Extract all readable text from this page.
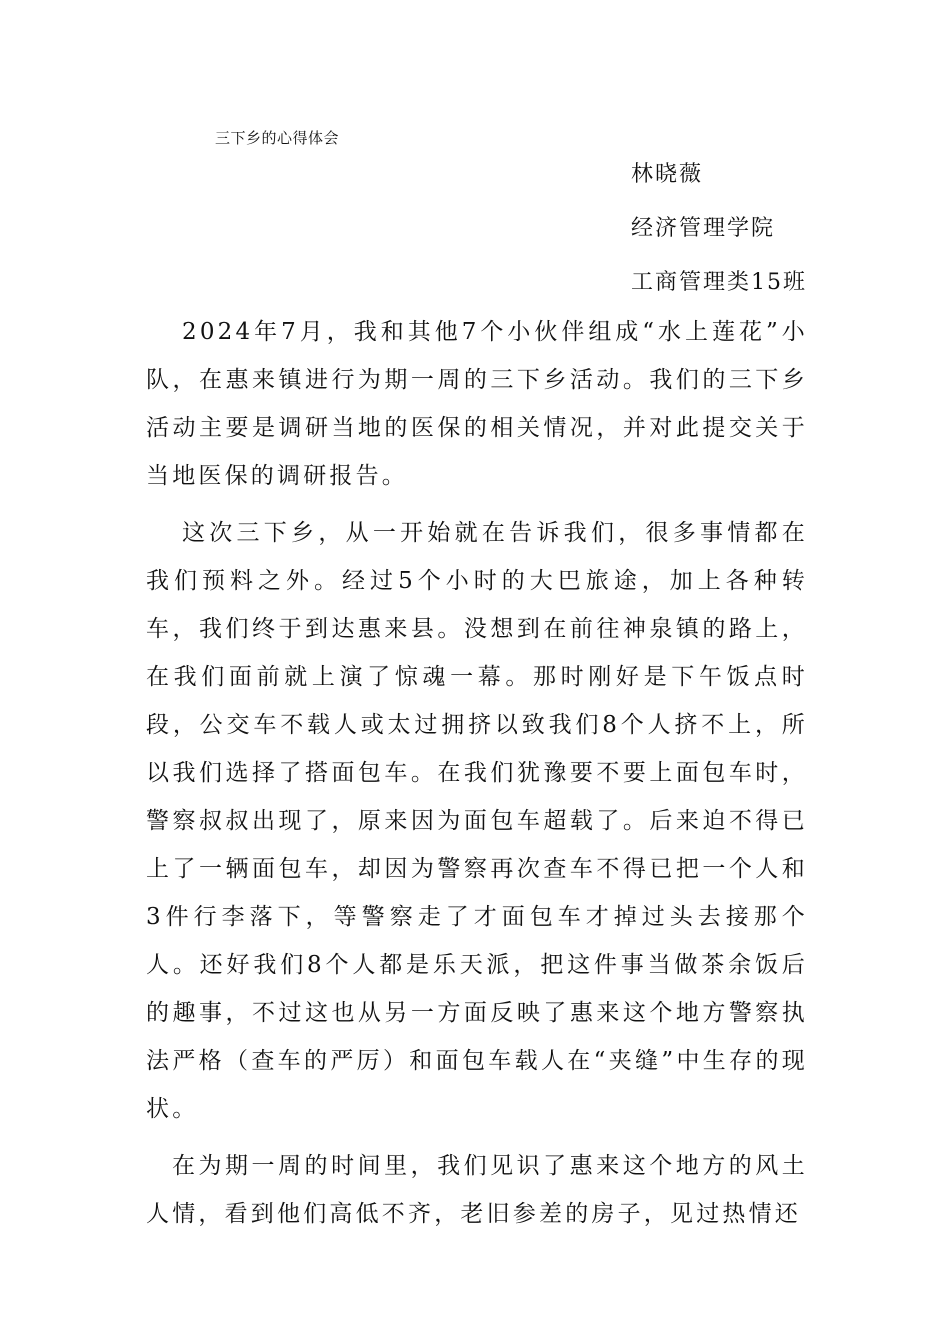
三下乡的心得体会
林晓薇
经济管理学院
工商管理类15班

2024年7月，我和其他7个小伙伴组成“水上莲花”小队，在惠来镇进行为期一周的三下乡活动。我们的三下乡活动主要是调研当地的医保的相关情况，并对此提交关于当地医保的调研报告。

这次三下乡，从一开始就在告诉我们，很多事情都在我们预料之外。经过5个小时的大巴旅途，加上各种转车，我们终于到达惠来县。没想到在前往神泉镇的路上，在我们面前就上演了惊魂一幕。那时刚好是下午饭点时段，公交车不载人或太过拥挤以致我们8个人挤不上，所以我们选择了搭面包车。在我们犹豫要不要上面包车时，警察叔叔出现了，原来因为面包车超载了。后来迫不得已上了一辆面包车，却因为警察再次查车不得已把一个人和3件行李落下，等警察走了才面包车才掉过头去接那个人。还好我们8个人都是乐天派，把这件事当做茶余饭后的趣事，不过这也从另一方面反映了惠来这个地方警察执法严格（查车的严厉）和面包车载人在“夹缝”中生存的现状。

在为期一周的时间里，我们见识了惠来这个地方的风土人情，看到他们高低不齐，老旧参差的房子，见过热情还
